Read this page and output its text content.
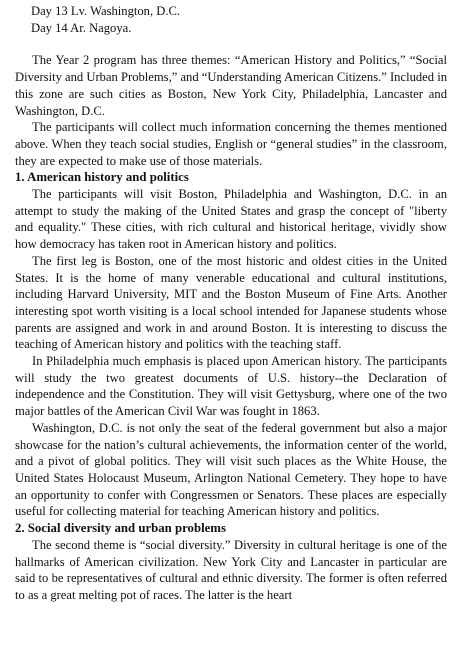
Day 13 Lv. Washington, D.C.
Day 14 Ar. Nagoya.

The Year 2 program has three themes: “American History and Politics,” “Social Diversity and Urban Problems,” and “Understanding American Citizens.” Included in this zone are such cities as Boston, New York City, Philadelphia, Lancaster and Washington, D.C.

The participants will collect much information concerning the themes mentioned above. When they teach social studies, English or “general studies” in the classroom, they are expected to make use of those materials.

1. American history and politics

The participants will visit Boston, Philadelphia and Washington, D.C. in an attempt to study the making of the United States and grasp the concept of "liberty and equality." These cities, with rich cultural and historical heritage, vividly show how democracy has taken root in American history and politics.

The first leg is Boston, one of the most historic and oldest cities in the United States. It is the home of many venerable educational and cultural institutions, including Harvard University, MIT and the Boston Museum of Fine Arts. Another interesting spot worth visiting is a local school intended for Japanese students whose parents are assigned and work in and around Boston. It is interesting to discuss the teaching of American history and politics with the teaching staff.

In Philadelphia much emphasis is placed upon American history. The participants will study the two greatest documents of U.S. history--the Declaration of independence and the Constitution. They will visit Gettysburg, where one of the two major battles of the American Civil War was fought in 1863.

Washington, D.C. is not only the seat of the federal government but also a major showcase for the nation’s cultural achievements, the information center of the world, and a pivot of global politics. They will visit such places as the White House, the United States Holocaust Museum, Arlington National Cemetery. They hope to have an opportunity to confer with Congressmen or Senators. These places are especially useful for collecting material for teaching American history and politics.

2. Social diversity and urban problems

The second theme is “social diversity.” Diversity in cultural heritage is one of the hallmarks of American civilization. New York City and Lancaster in particular are said to be representatives of cultural and ethnic diversity. The former is often referred to as a great melting pot of races. The latter is the heart
